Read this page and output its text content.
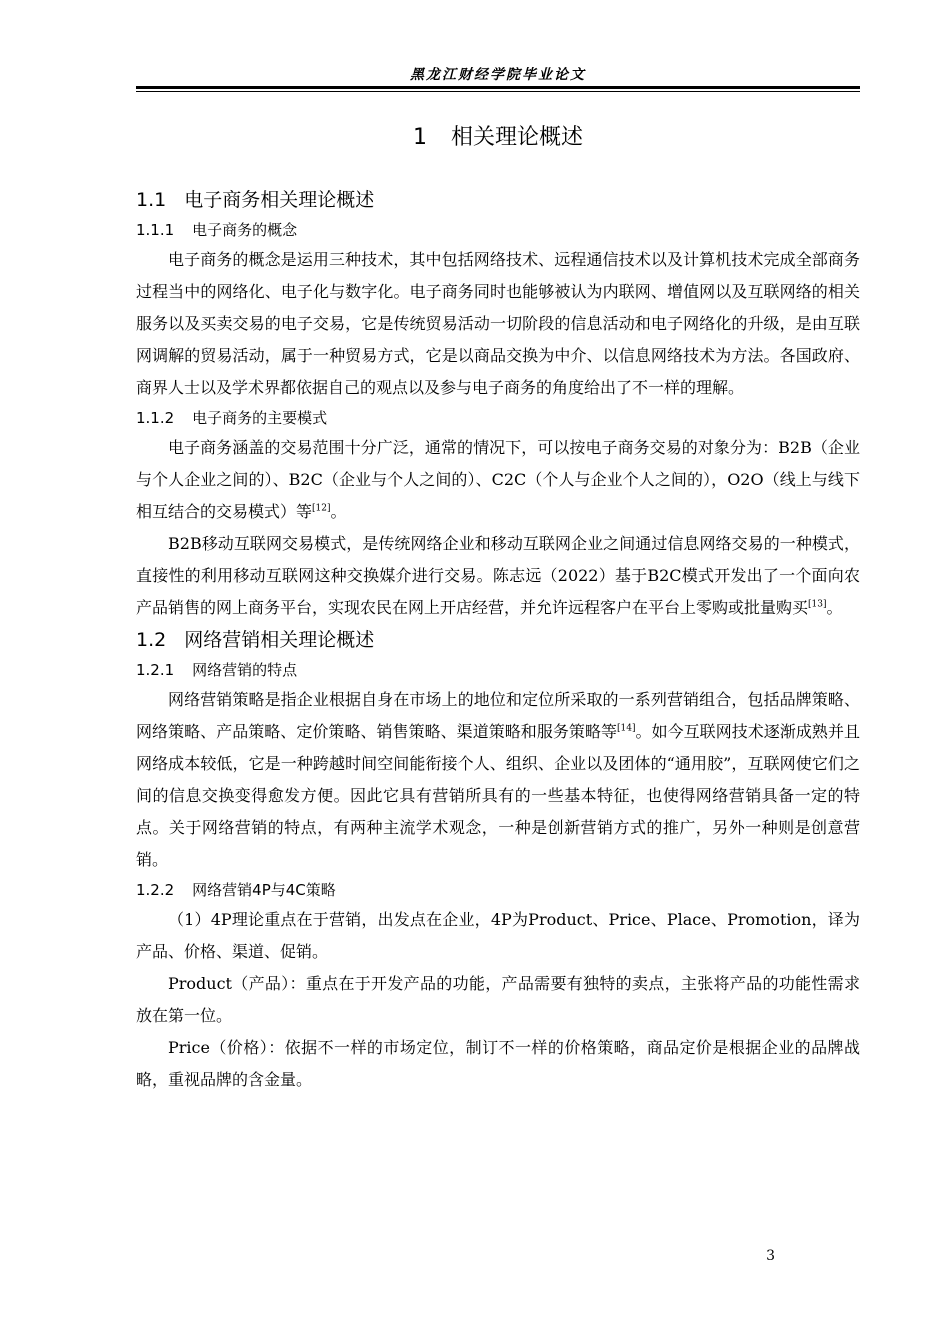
黑龙江财经学院毕业论文
1 相关理论概述
1.1 电子商务相关理论概述
1.1.1 电子商务的概念

电子商务的概念是运用三种技术，其中包括网络技术、远程通信技术以及计算机技术完成全部商务过程当中的网络化、电子化与数字化。电子商务同时也能够被认为内联网、增值网以及互联网络的相关服务以及买卖交易的电子交易，它是传统贸易活动一切阶段的信息活动和电子网络化的升级，是由互联网调解的贸易活动，属于一种贸易方式，它是以商品交换为中介、以信息网络技术为方法。各国政府、商界人士以及学术界都依据自己的观点以及参与电子商务的角度给出了不一样的理解。

1.1.2 电子商务的主要模式

电子商务涵盖的交易范围十分广泛，通常的情况下，可以按电子商务交易的对象分为：B2B（企业与个人企业之间的）、B2C（企业与个人之间的）、C2C（个人与企业个人之间的），O2O（线上与线下相互结合的交易模式）等[12]。

B2B移动互联网交易模式，是传统网络企业和移动互联网企业之间通过信息网络交易的一种模式，直接性的利用移动互联网这种交换媒介进行交易。陈志远（2022）基于B2C模式开发出了一个面向农产品销售的网上商务平台，实现农民在网上开店经营，并允许远程客户在平台上零购或批量购买[13]。

1.2 网络营销相关理论概述
1.2.1 网络营销的特点

网络营销策略是指企业根据自身在市场上的地位和定位所采取的一系列营销组合，包括品牌策略、网络策略、产品策略、定价策略、销售策略、渠道策略和服务策略等[14]。如今互联网技术逐渐成熟并且网络成本较低，它是一种跨越时间空间能衔接个人、组织、企业以及团体的“通用胶”，互联网使它们之间的信息交换变得愈发方便。因此它具有营销所具有的一些基本特征，也使得网络营销具备一定的特点。关于网络营销的特点，有两种主流学术观念，一种是创新营销方式的推广，另外一种则是创意营销。

1.2.2 网络营销4P与4C策略

（1）4P理论重点在于营销，出发点在企业，4P为Product、Price、Place、Promotion，译为产品、价格、渠道、促销。

Product（产品）：重点在于开发产品的功能，产品需要有独特的卖点，主张将产品的功能性需求放在第一位。

Price（价格）：依据不一样的市场定位，制订不一样的价格策略，商品定价是根据企业的品牌战略，重视品牌的含金量。

3
